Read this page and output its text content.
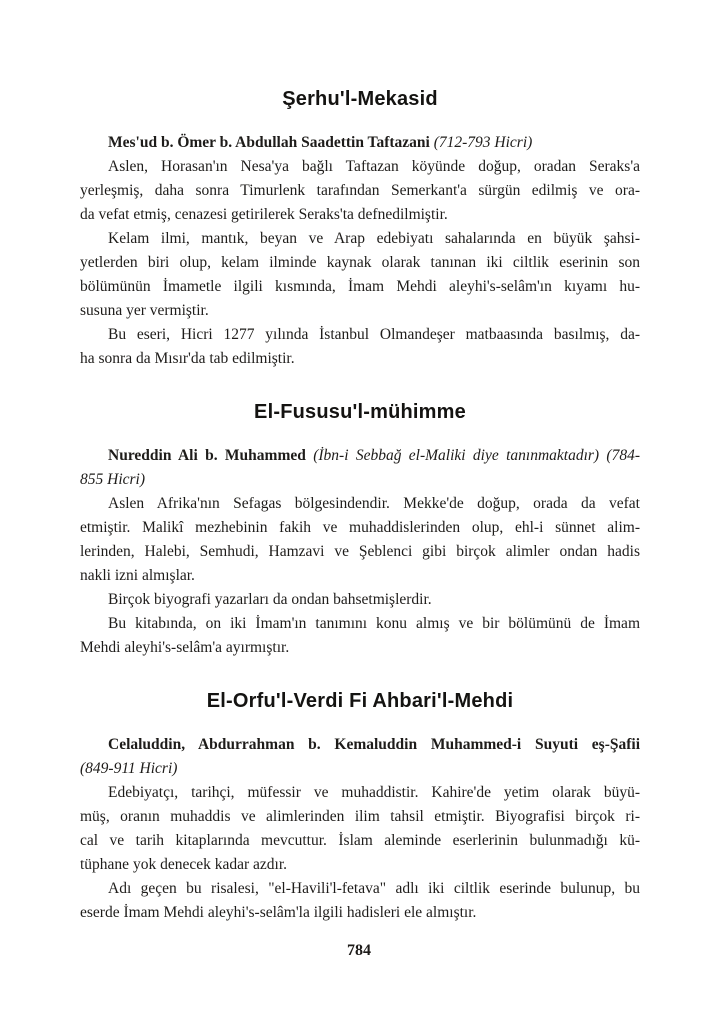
Şerhu'l-Mekasid
Mes'ud b. Ömer b. Abdullah Saadettin Taftazani (712-793 Hicri)
Aslen, Horasan'ın Nesa'ya bağlı Taftazan köyünde doğup, oradan Seraks'a
yerleşmiş, daha sonra Timurlenk tarafından Semerkant'a sürgün edilmiş ve ora-
da vefat etmiş, cenazesi getirilerek Seraks'ta defnedilmiştir.
Kelam ilmi, mantık, beyan ve Arap edebiyatı sahalarında en büyük şahsi-
yetlerden biri olup, kelam ilminde kaynak olarak tanınan iki ciltlik eserinin son
bölümünün İmametle ilgili kısmında, İmam Mehdi aleyhi's-selâm'ın kıyamı hu-
susuna yer vermiştir.
Bu eseri, Hicri 1277 yılında İstanbul Olmandeşer matbaasında basılmış, da-
ha sonra da Mısır'da tab edilmiştir.
El-Fususu'l-mühimme
Nureddin Ali b. Muhammed (İbn-i Sebbağ el-Maliki diye tanınmaktadır) (784-
855 Hicri)
Aslen Afrika'nın Sefagas bölgesindendir. Mekke'de doğup, orada da vefat
etmiştir. Malikî mezhebinin fakih ve muhaddislerinden olup, ehl-i sünnet alim-
lerinden, Halebi, Semhudi, Hamzavi ve Şeblenci gibi birçok alimler ondan hadis
nakli izni almışlar.
Birçok biyografi yazarları da ondan bahsetmişlerdir.
Bu kitabında, on iki İmam'ın tanımını konu almış ve bir bölümünü de İmam
Mehdi aleyhi's-selâm'a ayırmıştır.
El-Orfu'l-Verdi Fi Ahbari'l-Mehdi
Celaluddin, Abdurrahman b. Kemaluddin Muhammed-i Suyuti eş-Şafii
(849-911 Hicri)
Edebiyatçı, tarihçi, müfessir ve muhaddistir. Kahire'de yetim olarak büyü-
müş, oranın muhaddis ve alimlerinden ilim tahsil etmiştir. Biyografisi birçok ri-
cal ve tarih kitaplarında mevcuttur. İslam aleminde eserlerinin bulunmadığı kü-
tüphane yok denecek kadar azdır.
Adı geçen bu risalesi, "el-Havili'l-fetava" adlı iki ciltlik eserinde bulunup, bu
eserde İmam Mehdi aleyhi's-selâm'la ilgili hadisleri ele almıştır.
784
